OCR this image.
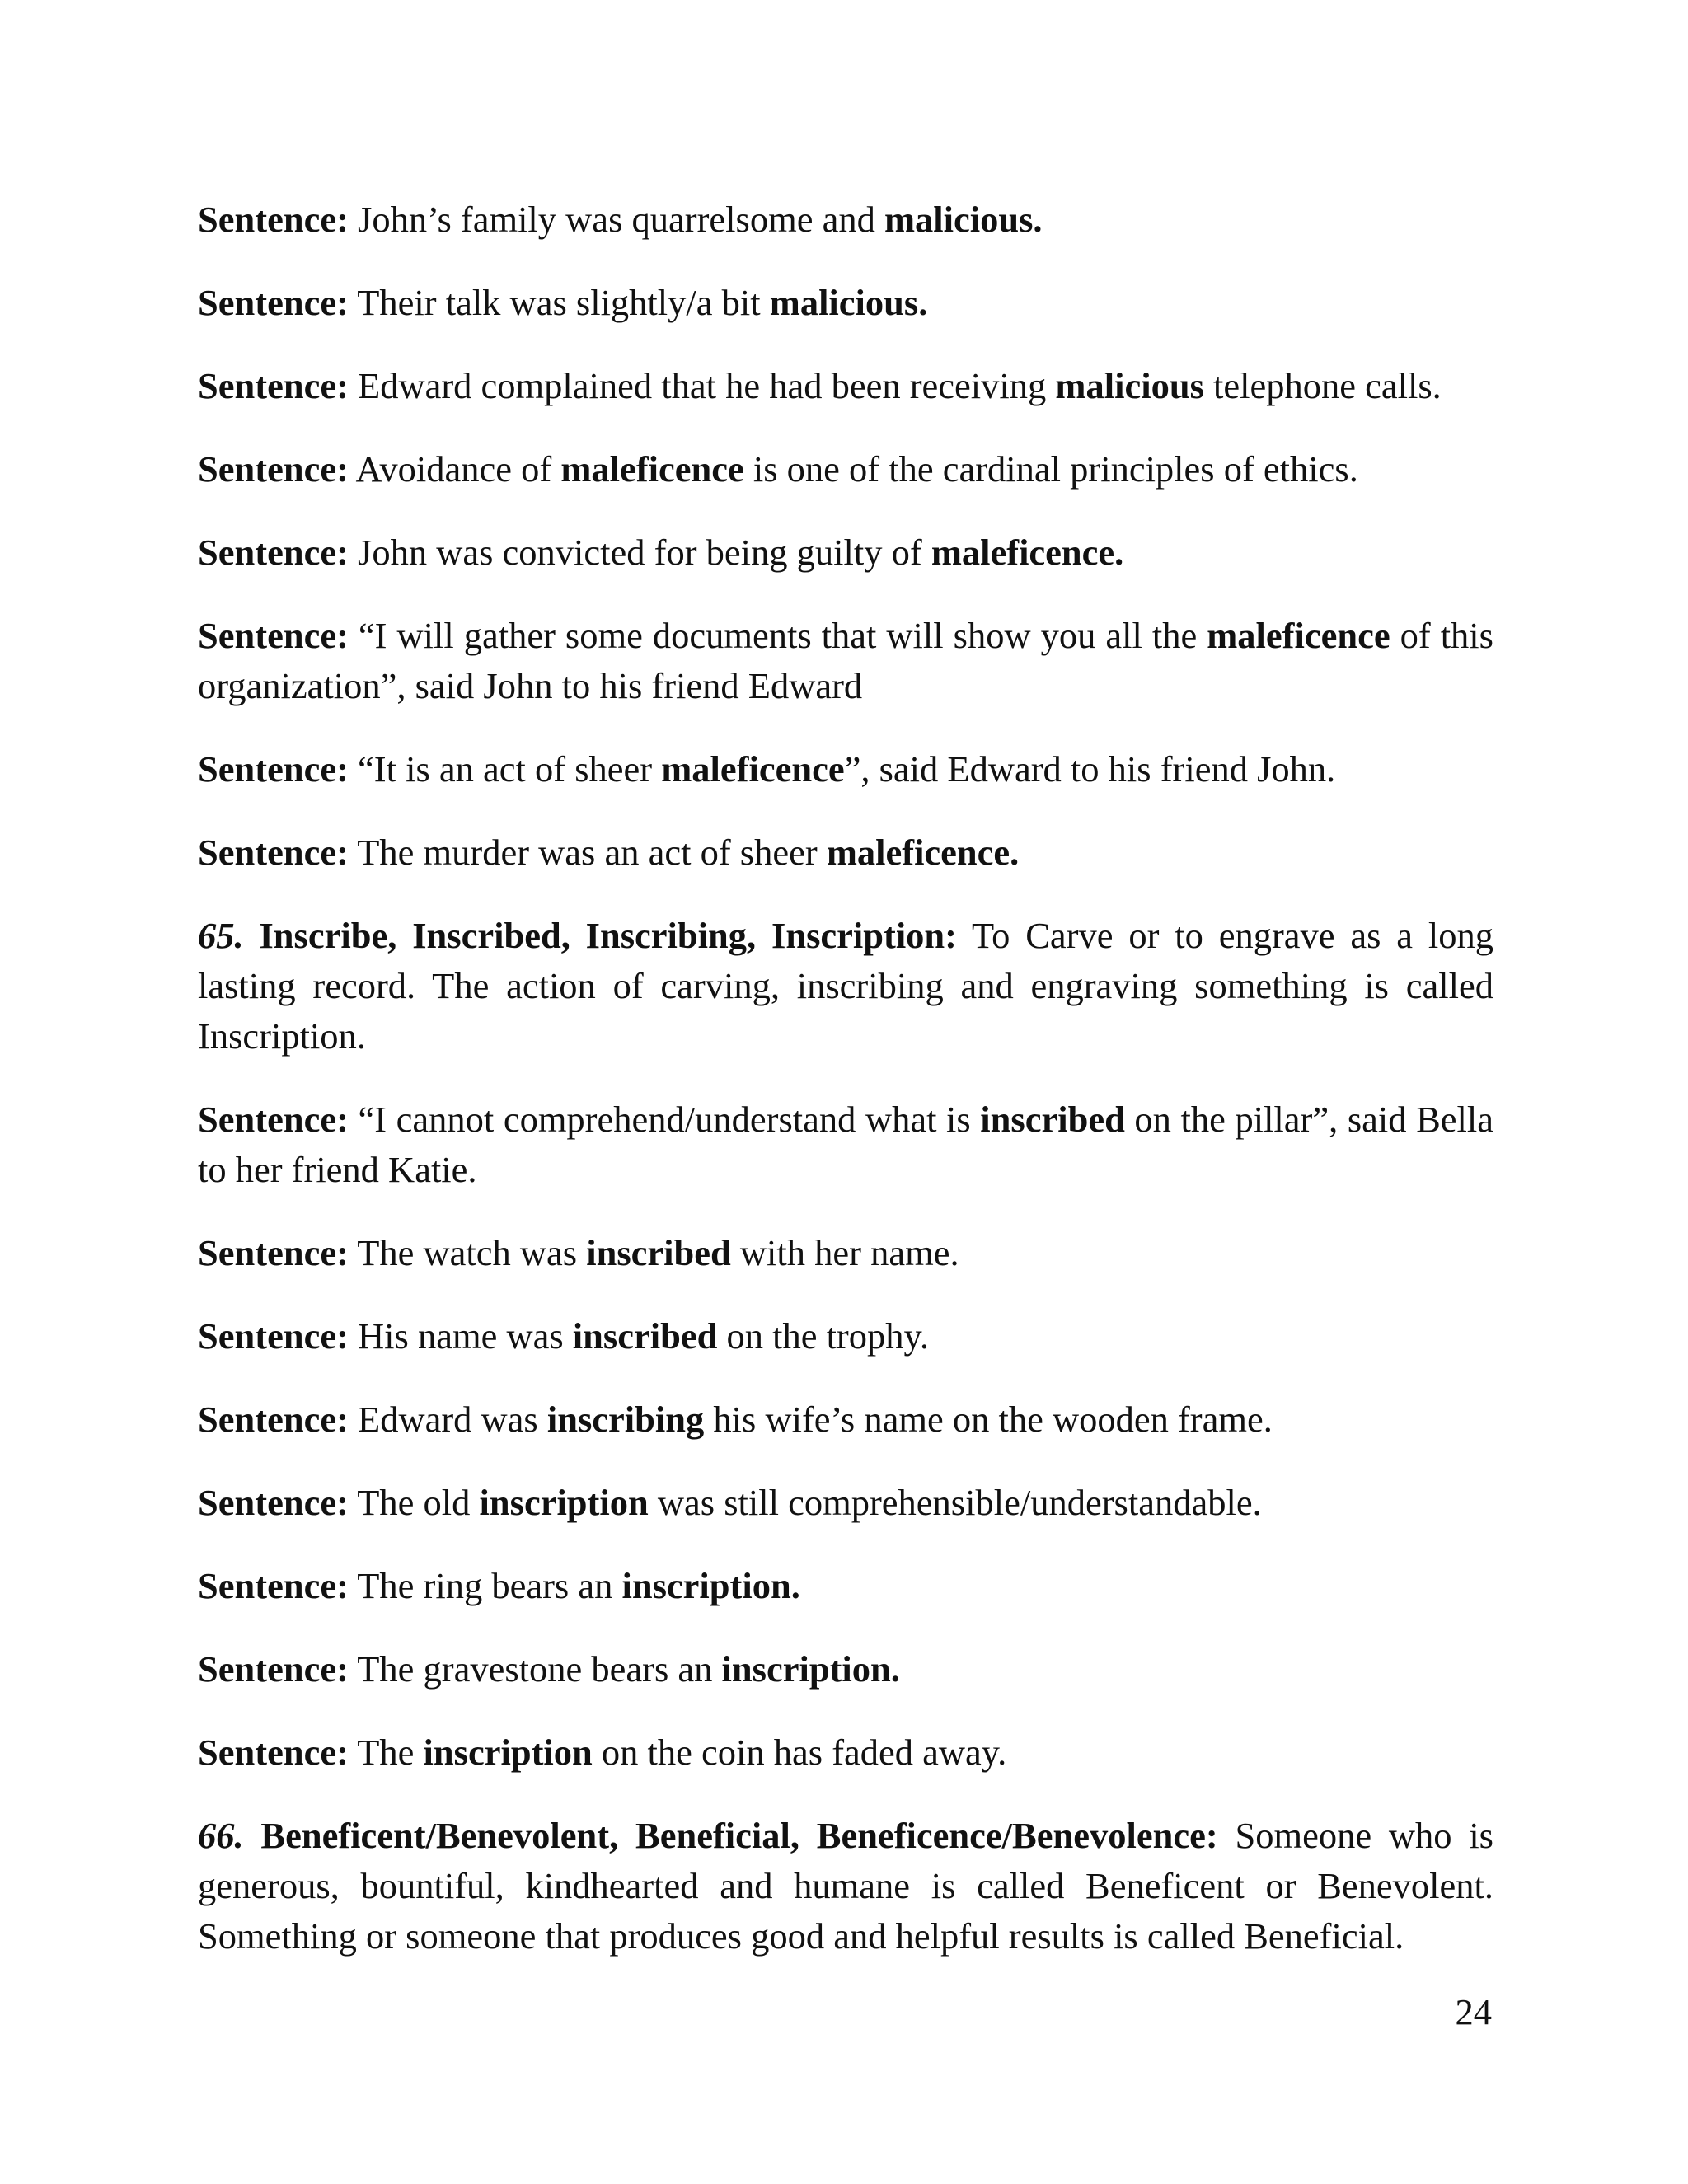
Sentence: John’s family was quarrelsome and malicious.

Sentence: Their talk was slightly/a bit malicious.

Sentence: Edward complained that he had been receiving malicious telephone calls.

Sentence: Avoidance of maleficence is one of the cardinal principles of ethics.

Sentence: John was convicted for being guilty of maleficence.

Sentence: “I will gather some documents that will show you all the maleficence of this organization”, said John to his friend Edward

Sentence: “It is an act of sheer maleficence”, said Edward to his friend John.

Sentence: The murder was an act of sheer maleficence.

65. Inscribe, Inscribed, Inscribing, Inscription: To Carve or to engrave as a long lasting record. The action of carving, inscribing and engraving something is called Inscription.

Sentence: “I cannot comprehend/understand what is inscribed on the pillar”, said Bella to her friend Katie.

Sentence: The watch was inscribed with her name.

Sentence: His name was inscribed on the trophy.

Sentence: Edward was inscribing his wife’s name on the wooden frame.

Sentence: The old inscription was still comprehensible/understandable.

Sentence: The ring bears an inscription.

Sentence: The gravestone bears an inscription.

Sentence: The inscription on the coin has faded away.

66. Beneficent/Benevolent, Beneficial, Beneficence/Benevolence: Someone who is generous, bountiful, kindhearted and humane is called Beneficent or Benevolent. Something or someone that produces good and helpful results is called Beneficial.

24
